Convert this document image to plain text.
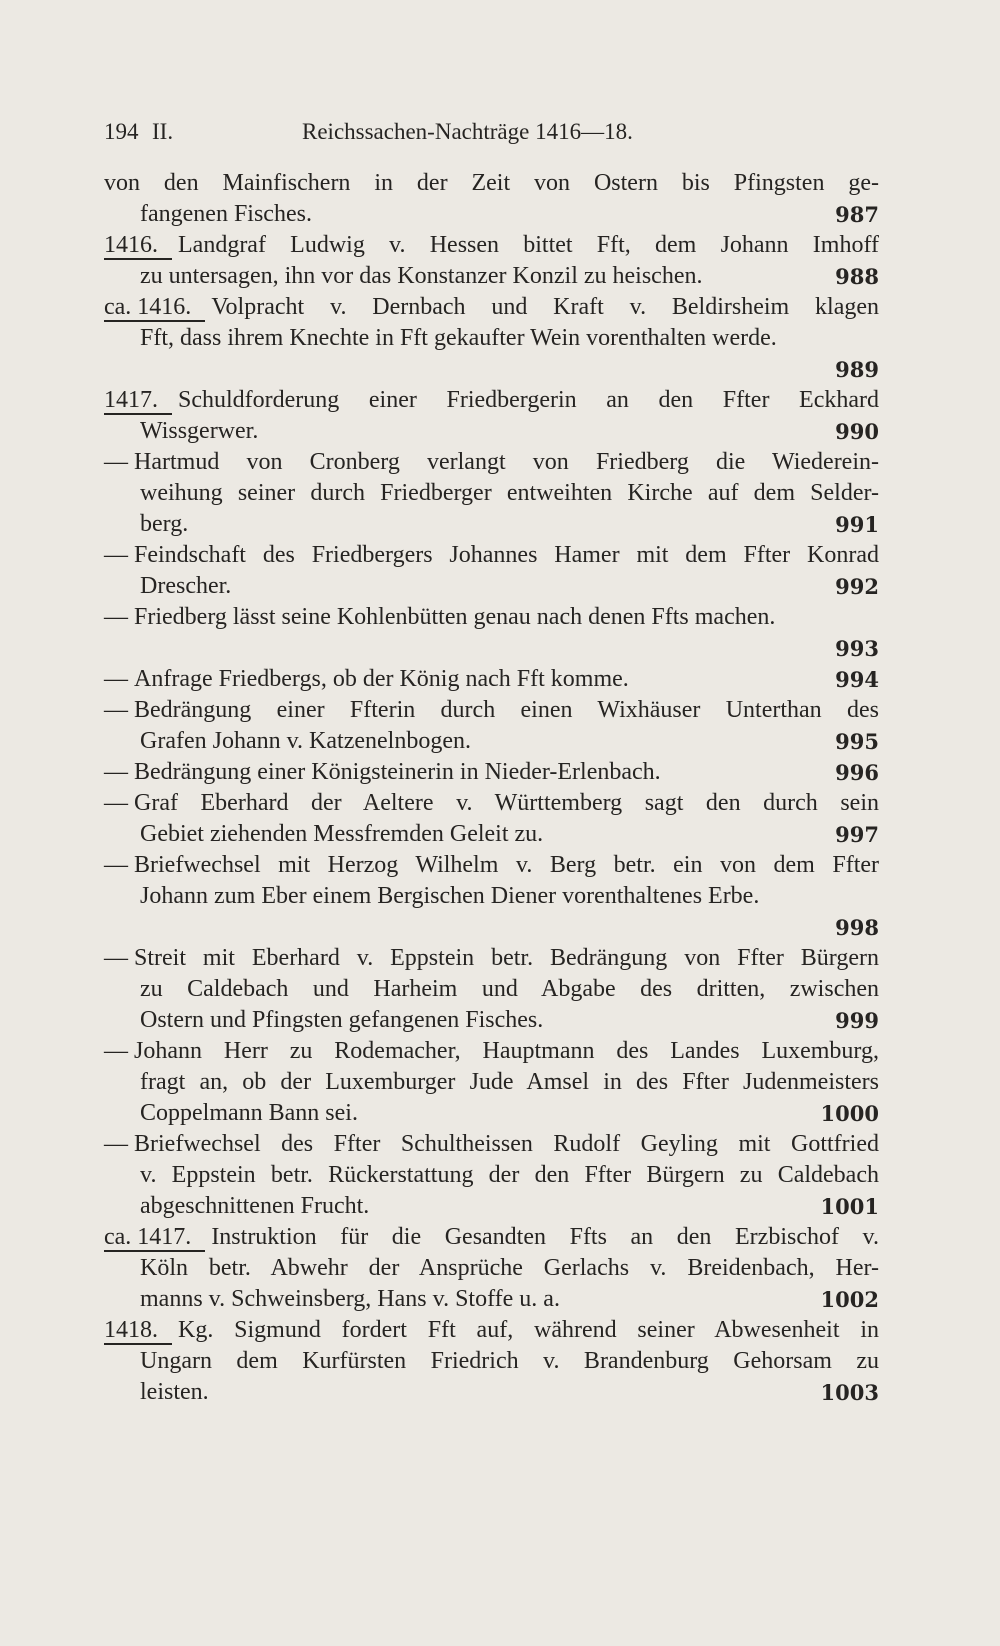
194 II.	Reichssachen-Nachträge 1416—18.
von den Mainfischern in der Zeit von Ostern bis Pfingsten ge-
fangenen Fisches.	987
1416. Landgraf Ludwig v. Hessen bittet Fft, dem Johann Imhoff
zu untersagen, ihn vor das Konstanzer Konzil zu heischen.	988
ca. 1416. Volpracht v. Dernbach und Kraft v. Beldirsheim klagen
Fft, dass ihrem Knechte in Fft gekaufter Wein vorenthalten werde.
989
1417. Schuldforderung einer Friedbergerin an den Ffter Eckhard
Wissgerwer.	990
— Hartmud von Cronberg verlangt von Friedberg die Wiederein-
weihung seiner durch Friedberger entweihten Kirche auf dem Selder-
berg.	991
— Feindschaft des Friedbergers Johannes Hamer mit dem Ffter Konrad
Drescher.	992
— Friedberg lässt seine Kohlenbütten genau nach denen Ffts machen.
993
— Anfrage Friedbergs, ob der König nach Fft komme.	994
— Bedrängung einer Ffterin durch einen Wixhäuser Unterthan des
Grafen Johann v. Katzenelnbogen.	995
— Bedrängung einer Königsteinerin in Nieder-Erlenbach.	996
— Graf Eberhard der Aeltere v. Württemberg sagt den durch sein
Gebiet ziehenden Messfremden Geleit zu.	997
— Briefwechsel mit Herzog Wilhelm v. Berg betr. ein von dem Ffter
Johann zum Eber einem Bergischen Diener vorenthaltenes Erbe.
998
— Streit mit Eberhard v. Eppstein betr. Bedrängung von Ffter Bürgern
zu Caldebach und Harheim und Abgabe des dritten, zwischen
Ostern und Pfingsten gefangenen Fisches.	999
— Johann Herr zu Rodemacher, Hauptmann des Landes Luxemburg,
fragt an, ob der Luxemburger Jude Amsel in des Ffter Judenmeisters
Coppelmann Bann sei.	1000
— Briefwechsel des Ffter Schultheissen Rudolf Geyling mit Gottfried
v. Eppstein betr. Rückerstattung der den Ffter Bürgern zu Caldebach
abgeschnittenen Frucht.	1001
ca. 1417. Instruktion für die Gesandten Ffts an den Erzbischof v.
Köln betr. Abwehr der Ansprüche Gerlachs v. Breidenbach, Her-
manns v. Schweinsberg, Hans v. Stoffe u. a.	1002
1418. Kg. Sigmund fordert Fft auf, während seiner Abwesenheit in
Ungarn dem Kurfürsten Friedrich v. Brandenburg Gehorsam zu
leisten.	1003
